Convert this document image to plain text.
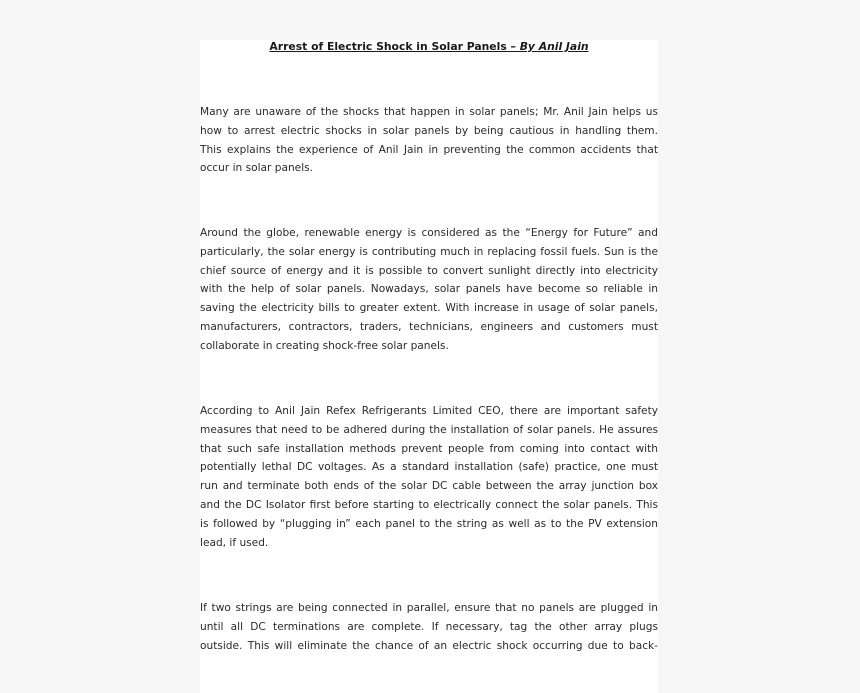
Arrest of Electric Shock in Solar Panels – By Anil Jain
Many are unaware of the shocks that happen in solar panels; Mr. Anil Jain helps us
how to arrest electric shocks in solar panels by being cautious in handling them.
This explains the experience of Anil Jain in preventing the common accidents that
occur in solar panels.
Around the globe, renewable energy is considered as the “Energy for Future” and
particularly, the solar energy is contributing much in replacing fossil fuels. Sun is the
chief source of energy and it is possible to convert sunlight directly into electricity
with the help of solar panels. Nowadays, solar panels have become so reliable in
saving the electricity bills to greater extent. With increase in usage of solar panels,
manufacturers, contractors, traders, technicians, engineers and customers must
collaborate in creating shock-free solar panels.
According to Anil Jain Refex Refrigerants Limited CEO, there are important safety
measures that need to be adhered during the installation of solar panels. He assures
that such safe installation methods prevent people from coming into contact with
potentially lethal DC voltages. As a standard installation (safe) practice, one must
run and terminate both ends of the solar DC cable between the array junction box
and the DC Isolator first before starting to electrically connect the solar panels. This
is followed by “plugging in” each panel to the string as well as to the PV extension
lead, if used.
If two strings are being connected in parallel, ensure that no panels are plugged in
until all DC terminations are complete. If necessary, tag the other array plugs
outside. This will eliminate the chance of an electric shock occurring due to back-
